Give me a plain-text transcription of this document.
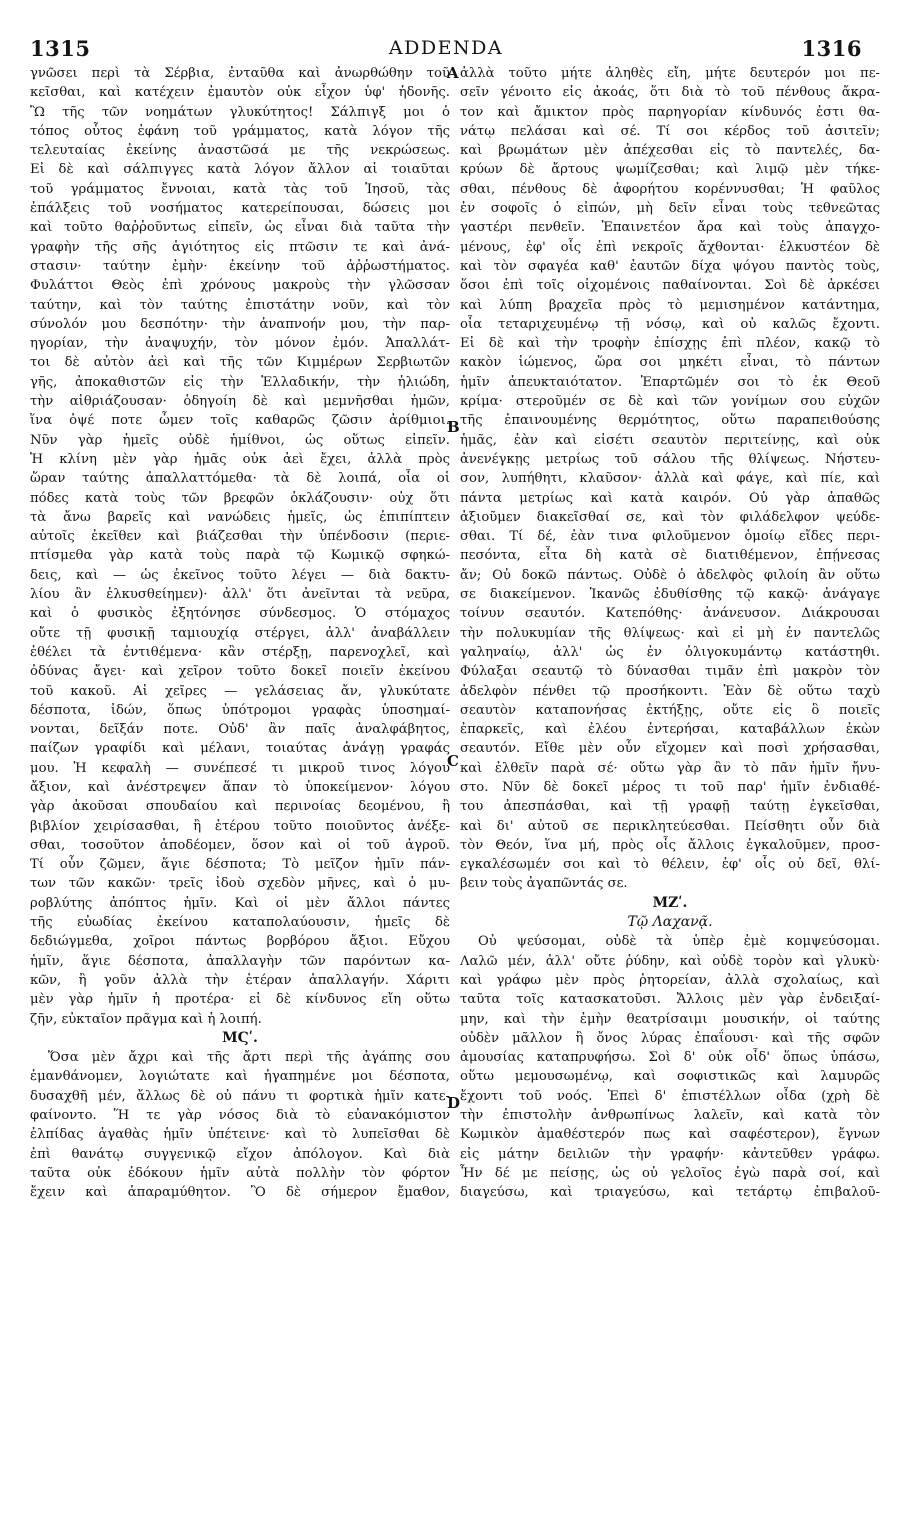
1315	ADDENDA	1316
γνῶσει περὶ τὰ Σέρβια, ἐνταῦθα καὶ ἀνωρθώθην τοῦ
κεῖσθαι, καὶ κατέχειν ἐμαυτὸν οὐκ εἶχον ὑφ' ἡδονῆς.
Ὢ τῆς τῶν νοημάτων γλυκύτητος! Σάλπιγξ μοι ὁ
τόπος οὗτος ἐφάνη τοῦ γράμματος, κατὰ λόγον τῆς
τελευταίας ἐκείνης ἀναστῶσά με τῆς νεκρώσεως.
Εἰ δὲ καὶ σάλπιγγες κατὰ λόγον ἄλλον αἱ τοιαῦται
τοῦ γράμματος ἔννοιαι, κατὰ τὰς τοῦ Ἰησοῦ, τὰς
ἐπάλξεις τοῦ νοσήματος κατερείπουσαι, δώσεις μοι
καὶ τοῦτο θαῤῥοῦντως εἰπεῖν, ὡς εἶναι διὰ ταῦτα τὴν
γραφὴν τῆς σῆς ἁγιότητος εἰς πτῶσιν τε καὶ ἀνά-
στασιν· ταύτην ἐμὴν· ἐκείνην τοῦ ἀῤῥωστήματος.
Φυλάττοι Θεὸς ἐπὶ χρόνους μακροὺς τὴν γλῶσσαν
ταύτην, καὶ τὸν ταύτης ἐπιστάτην νοῦν, καὶ τὸν
σύνολόν μου δεσπότην· τὴν ἀναπνοήν μου, τὴν παρ-
ηγορίαν, τὴν ἀναψυχήν, τὸν μόνον ἐμόν. Ἀπαλλάτ-
τοι δὲ αὐτὸν ἀεὶ καὶ τῆς τῶν Κιμμέρων Σερβιωτῶν
γῆς, ἀποκαθιστῶν εἰς τὴν Ἑλλαδικήν, τὴν ἡλιώδη,
τὴν αἰθριάζουσαν· ὁδηγοίη δὲ καὶ μεμνῆσθαι ἡμῶν,
ἵνα ὀψέ ποτε ὦμεν τοῖς καθαρῶς ζῶσιν ἀρίθμιοι.
Νῦν γὰρ ἡμεῖς οὐδὲ ἡμίθνοι, ὡς οὕτως εἰπεῖν.
Ἡ κλίνη μὲν γὰρ ἡμᾶς οὐκ ἀεὶ ἔχει, ἀλλὰ πρὸς
ὥραν ταύτης ἀπαλλαττόμεθα· τὰ δὲ λοιπά, οἷα οἱ
πόδες κατὰ τοὺς τῶν βρεφῶν ὀκλάζουσιν· οὐχ ὅτι
τὰ ἄνω βαρεῖς καὶ νανώδεις ἡμεῖς, ὡς ἐπιπίπτειν
αὐτοῖς ἐκεῖθεν καὶ βιάζεσθαι τὴν ὑπένδοσιν (περιε-
πτίσμεθα γὰρ κατὰ τοὺς παρὰ τῷ Κωμικῷ σφηκώ-
δεις, καὶ — ὡς ἐκεῖνος τοῦτο λέγει — διὰ δακτυ-
λίου ἂν ἑλκυσθείημεν)· ἀλλ' ὅτι ἀνεῖνται τὰ νεῦρα,
καὶ ὁ φυσικὸς ἐξητόνησε σύνδεσμος. Ὁ στόμαχος
οὔτε τῇ φυσικῇ ταμιουχίᾳ στέργει, ἀλλ' ἀναβάλλειν
ἐθέλει τὰ ἐντιθέμενα· κἂν στέρξῃ, παρενοχλεῖ, καὶ
ὀδύνας ἄγει· καὶ χεῖρον τοῦτο δοκεῖ ποιεῖν ἐκείνου
τοῦ κακοῦ. Αἱ χεῖρες — γελάσειας ἄν, γλυκύτατε
δέσποτα, ἰδών, ὅπως ὑπότρομοι γραφὰς ὑποσημαί-
νονται, δεῖξάν ποτε. Οὐδ' ἂν παῖς ἀναλφάβητος,
παίζων γραφίδι καὶ μέλανι, τοιαύτας ἀνάγῃ γραφάς
μου. Ἡ κεφαλὴ — συνέπεσέ τι μικροῦ τινος λόγου
ἄξιον, καὶ ἀνέστρεψεν ἅπαν τὸ ὑποκείμενον· λόγου
γὰρ ἀκοῦσαι σπουδαίου καὶ περινοίας δεομένου, ἢ
βιβλίον χειρίσασθαι, ἢ ἑτέρου τοῦτο ποιοῦντος ἀνέξε-
σθαι, τοσοῦτον ἀποδέομεν, ὅσον καὶ οἱ τοῦ ἀγροῦ.
Τί οὖν ζῶμεν, ἅγιε δέσποτα; Τὸ μεῖζον ἡμῖν πάν-
των τῶν κακῶν· τρεῖς ἰδοὺ σχεδὸν μῆνες, καὶ ὁ μυ-
ροβλύτης ἀπόπτος ἡμῖν. Καὶ οἱ μὲν ἄλλοι πάντες
τῆς εὐωδίας ἐκείνου καταπολαύουσιν, ἡμεῖς δὲ
δεδιώγμεθα, χοῖροι πάντως βορβόρου ἄξιοι. Εὔχου
ἡμῖν, ἅγιε δέσποτα, ἀπαλλαγὴν τῶν παρόντων κα-
κῶν, ἢ γοῦν ἀλλὰ τὴν ἑτέραν ἀπαλλαγήν. Χάριτι
μὲν γὰρ ἡμῖν ἡ προτέρα· εἰ δὲ κίνδυνος εἴη οὕτω
ζῆν, εὐκταῖον πρᾶγμα καὶ ἡ λοιπή.
ΜϚʹ.
Ὅσα μὲν ἄχρι καὶ τῆς ἄρτι περὶ τῆς ἀγάπης σου
ἐμανθάνομεν, λογιώτατε καὶ ἠγαπημένε μοι δέσποτα,
δυσαχθῆ μέν, ἄλλως δὲ οὐ πάνυ τι φορτικὰ ἡμῖν κατε-
φαίνοντο. Ἥ τε γὰρ νόσος διὰ τὸ εὐανακόμιστον
ἐλπίδας ἀγαθὰς ἡμῖν ὑπέτεινε· καὶ τὸ λυπεῖσθαι δὲ
ἐπὶ θανάτῳ συγγενικῷ εἴχον ἀπόλογον. Καὶ διὰ
ταῦτα οὐκ ἐδόκουν ἡμῖν αὐτὰ πολλὴν τὸν φόρτον
ἔχειν καὶ ἀπαραμύθητον. Ὃ δὲ σήμερον ἔμαθον,
ἀλλὰ τοῦτο μήτε ἀληθὲς εἴη, μήτε δευτερόν μοι πε-
σεῖν γένοιτο εἰς ἀκοάς, ὅτι διὰ τὸ τοῦ πένθους ἄκρα-
τον καὶ ἄμικτον πρὸς παρηγορίαν κίνδυνός ἐστι θα-
νάτῳ πελάσαι καὶ σέ. Τί σοι κέρδος τοῦ ἀσιτεῖν;
καὶ βρωμάτων μὲν ἀπέχεσθαι εἰς τὸ παντελές, δα-
κρύων δὲ ἄρτους ψωμίζεσθαι; καὶ λιμῷ μὲν τήκε-
σθαι, πένθους δὲ ἀφορήτου κορέννυσθαι; Ἡ φαῦλος
ἐν σοφοῖς ὁ εἰπών, μὴ δεῖν εἶναι τοὺς τεθνεῶτας
γαστέρι πενθεῖν. Ἐπαινετέον ἄρα καὶ τοὺς ἀπαγχο-
μένους, ἐφ' οἷς ἐπὶ νεκροῖς ἄχθονται· ἑλκυστέον δὲ
καὶ τὸν σφαγέα καθ' ἑαυτῶν δίχα ψόγου παντὸς τοὺς,
ὅσοι ἐπὶ τοῖς οἰχομένοις παθαίνονται. Σοὶ δὲ ἀρκέσει
καὶ λύπη βραχεῖα πρὸς τὸ μεμισημένον κατάντημα,
οἷα τεταριχευμένῳ τῇ νόσῳ, καὶ οὐ καλῶς ἔχοντι.
Εἰ δὲ καὶ τὴν τροφὴν ἐπίσχῃς ἐπὶ πλέον, κακῷ τὸ
κακὸν ἰώμενος, ὥρα σοι μηκέτι εἶναι, τὸ πάντων
ἡμῖν ἀπευκταιότατον. Ἐπαρτῶμέν σοι τὸ ἐκ Θεοῦ
κρίμα· στεροῦμέν σε δὲ καὶ τῶν γονίμων σου εὐχῶν
τῆς ἐπαινουμένης θερμότητος, οὕτω παραπειθούσης
ἡμᾶς, ἐὰν καὶ εἰσέτι σεαυτὸν περιτείνῃς, καὶ οὐκ
ἀνενέγκῃς μετρίως τοῦ σάλου τῆς θλίψεως. Νήστευ-
σον, λυπήθητι, κλαῦσον· ἀλλὰ καὶ φάγε, καὶ πίε, καὶ
πάντα μετρίως καὶ κατὰ καιρόν. Οὐ γὰρ ἀπαθῶς
ἀξιοῦμεν διακεῖσθαί σε, καὶ τὸν φιλάδελφον ψεύδε-
σθαι. Τί δέ, ἐὰν τινα φιλοῦμενον ὁμοίῳ εἴδες περι-
πεσόντα, εἶτα δὴ κατὰ σὲ διατιθέμενον, ἐπῄνεσας
ἄν; Οὐ δοκῶ πάντως. Οὐδὲ ὁ ἀδελφὸς φιλοίη ἂν οὕτω
σε διακείμενον. Ἱκανῶς ἐδυθίσθης τῷ κακῷ· ἀνάγαγε
τοίνυν σεαυτόν. Κατεπόθης· ἀνάνευσον. Διάκρουσαι
τὴν πολυκυμίαν τῆς θλίψεως· καὶ εἰ μὴ ἐν παντελῶς
γαληναίῳ, ἀλλ' ὡς ἐν ὀλιγοκυμάντῳ κατάστηθι.
Φύλαξαι σεαυτῷ τὸ δύνασθαι τιμᾶν ἐπὶ μακρὸν τὸν
ἀδελφὸν πένθει τῷ προσήκοντι. Ἐὰν δὲ οὕτω ταχὺ
σεαυτὸν καταπονήσας ἐκτήξῃς, οὔτε εἰς ὃ ποιεῖς
ἐπαρκεῖς, καὶ ἐλέου ἐντερήσαι, καταβάλλων ἐκὼν
σεαυτόν. Εἴθε μὲν οὖν εἴχομεν καὶ ποσὶ χρήσασθαι,
καὶ ἐλθεῖν παρὰ σέ· οὕτω γὰρ ἂν τὸ πᾶν ἡμῖν ἤνυ-
στο. Νῦν δὲ δοκεῖ μέρος τι τοῦ παρ' ἡμῖν ἐνδιαθέ-
του ἀπεσπάσθαι, καὶ τῇ γραφῇ ταύτῃ ἐγκεῖσθαι,
καὶ δι' αὐτοῦ σε περικλητεύεσθαι. Πείσθητι οὖν διὰ
τὸν Θεόν, ἵνα μή, πρὸς οἷς ἄλλοις ἐγκαλοῦμεν, προσ-
εγκαλέσωμέν σοι καὶ τὸ θέλειν, ἐφ' οἷς οὐ δεῖ, θλί-
βειν τοὺς ἀγαπῶντάς σε.
ΜΖʹ.
Τῷ Λαχανᾷ.
Οὐ ψεύσομαι, οὐδὲ τὰ ὑπὲρ ἐμὲ κομψεύσομαι.
Λαλῶ μέν, ἀλλ' οὔτε ῥύδην, καὶ οὐδὲ τορὸν καὶ γλυκὺ·
καὶ γράφω μὲν πρὸς ῥητορείαν, ἀλλὰ σχολαίως, καὶ
ταῦτα τοῖς κατασκατοῦσι. Ἄλλοις μὲν γὰρ ἐνδειξαί-
μην, καὶ τὴν ἐμὴν θεατρίσαιμι μουσικήν, οἱ ταύτης
οὐδὲν μᾶλλον ἢ ὄνος λύρας ἐπαΐουσι· καὶ τῆς σφῶν
ἀμουσίας καταπρυφήσω. Σοὶ δ' οὐκ οἶδ' ὅπως ὑπάσω,
οὕτω μεμουσωμένῳ, καὶ σοφιστικῶς καὶ λαμυρῶς
ἔχοντι τοῦ νοός. Ἐπεὶ δ' ἐπιστέλλων οἶδα (χρὴ δὲ
τὴν ἐπιστολὴν ἀνθρωπίνως λαλεῖν, καὶ κατὰ τὸν
Κωμικὸν ἀμαθέστερόν πως καὶ σαφέστερον), ἔγνων
εἰς μάτην δειλιῶν τὴν γραφήν· κἀντεῦθεν γράφω.
Ἦν δέ με πείσῃς, ὡς οὐ γελοῖος ἐγὼ παρὰ σοί, καὶ
διαγεύσω, καὶ τριαγεύσω, καὶ τετάρτῳ ἐπιβαλοῦ-
A
B
C
D
